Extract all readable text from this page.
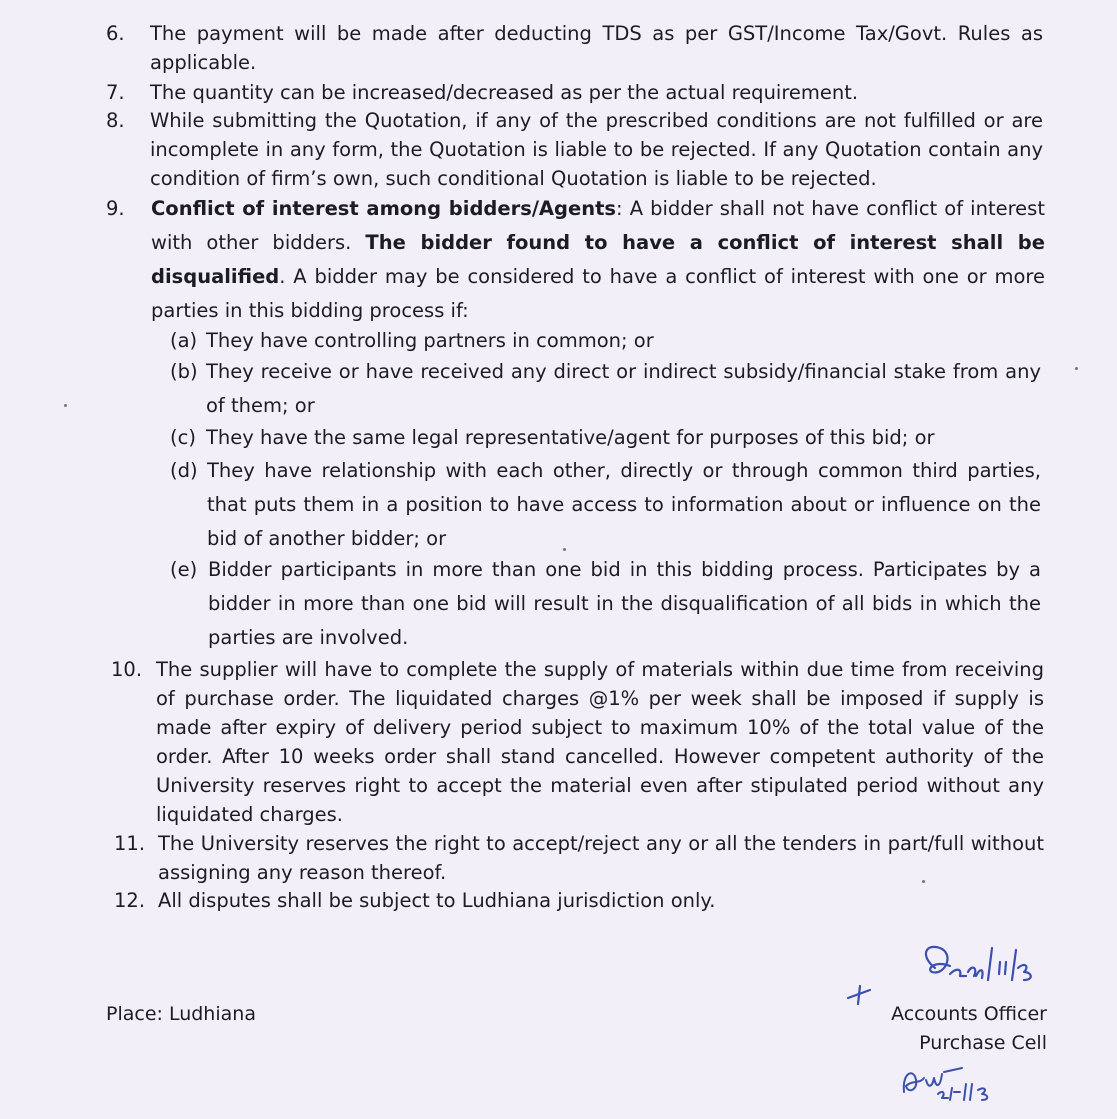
6. The payment will be made after deducting TDS as per GST/Income Tax/Govt. Rules as applicable.
7. The quantity can be increased/decreased as per the actual requirement.
8. While submitting the Quotation, if any of the prescribed conditions are not fulfilled or are incomplete in any form, the Quotation is liable to be rejected. If any Quotation contain any condition of firm’s own, such conditional Quotation is liable to be rejected.
9. Conflict of interest among bidders/Agents: A bidder shall not have conflict of interest with other bidders. The bidder found to have a conflict of interest shall be disqualified. A bidder may be considered to have a conflict of interest with one or more parties in this bidding process if:
(a) They have controlling partners in common; or
(b) They receive or have received any direct or indirect subsidy/financial stake from any of them; or
(c) They have the same legal representative/agent for purposes of this bid; or
(d) They have relationship with each other, directly or through common third parties, that puts them in a position to have access to information about or influence on the bid of another bidder; or
(e) Bidder participants in more than one bid in this bidding process. Participates by a bidder in more than one bid will result in the disqualification of all bids in which the parties are involved.
10. The supplier will have to complete the supply of materials within due time from receiving of purchase order. The liquidated charges @1% per week shall be imposed if supply is made after expiry of delivery period subject to maximum 10% of the total value of the order. After 10 weeks order shall stand cancelled. However competent authority of the University reserves right to accept the material even after stipulated period without any liquidated charges.
11. The University reserves the right to accept/reject any or all the tenders in part/full without assigning any reason thereof.
12. All disputes shall be subject to Ludhiana jurisdiction only.
Place: Ludhiana	Accounts Officer
Purchase Cell
